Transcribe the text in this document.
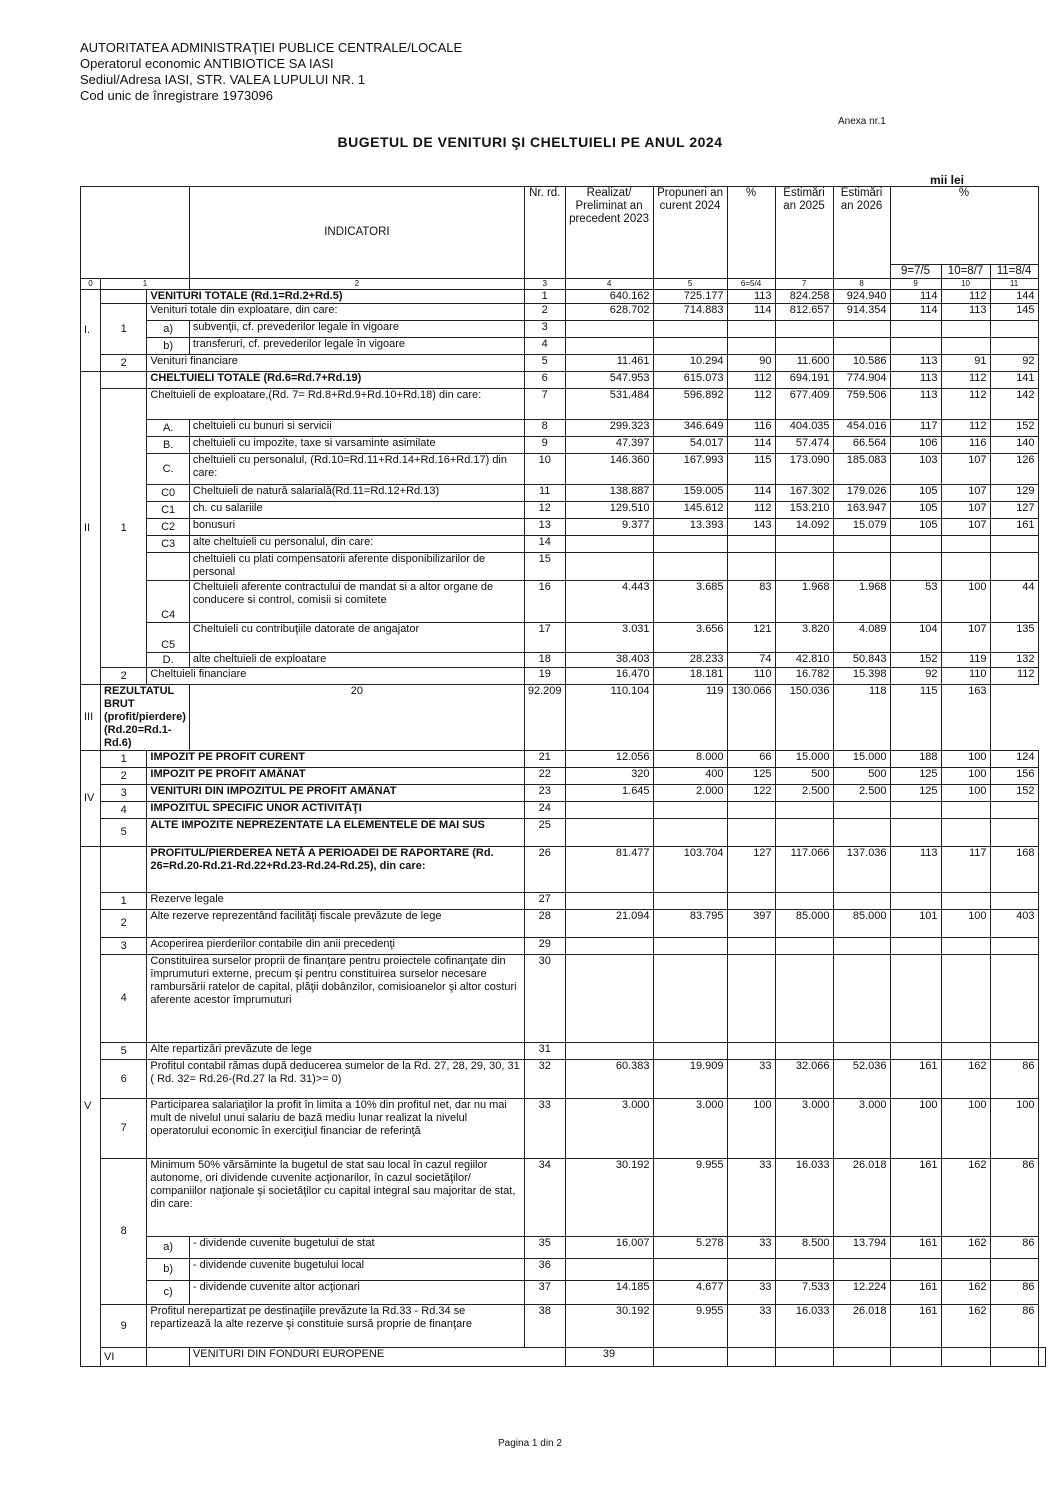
AUTORITATEA ADMINISTRAŢIEI PUBLICE CENTRALE/LOCALE
Operatorul economic ANTIBIOTICE SA IASI
Sediul/Adresa IASI, STR. VALEA LUPULUI NR. 1
Cod unic de înregistrare 1973096
Anexa nr.1
BUGETUL DE VENITURI ŞI CHELTUIELI PE ANUL 2024
mii lei
			INDICATORI	Nr. rd.	Realizat/ Preliminat an precedent 2023	Propuneri an curent 2024	%	Estimări an 2025	Estimări an 2026	%			
										9=7/5	10=8/7	11=8/4	
0	1		2	3	4	5	6=5/4	7	8	9	10	11	
I.		VENITURI TOTALE (Rd.1=Rd.2+Rd.5)		1	640.162	725.177	113	824.258	924.940	114	112	144	
	1	Venituri totale din exploatare, din care:		2	628.702	714.883	114	812.657	914.354	114	113	145	
		a)	subvenţii, cf. prevederilor legale în vigoare	3									
		b)	transferuri, cf. prevederilor legale în vigoare	4									
	2	Venituri financiare		5	11.461	10.294	90	11.600	10.586	113	91	92	
II		CHELTUIELI TOTALE (Rd.6=Rd.7+Rd.19)		6	547.953	615.073	112	694.191	774.904	113	112	141	
	1	Cheltuieli de exploatare,(Rd. 7= Rd.8+Rd.9+Rd.10+Rd.18) din care:		7	531.484	596.892	112	677.409	759.506	113	112	142	
		A.	cheltuieli cu bunuri si servicii	8	299.323	346.649	116	404.035	454.016	117	112	152	
		B.	cheltuieli cu impozite, taxe si varsaminte asimilate	9	47.397	54.017	114	57.474	66.564	106	116	140	
		C.	cheltuieli cu personalul, (Rd.10=Rd.11+Rd.14+Rd.16+Rd.17) din care:	10	146.360	167.993	115	173.090	185.083	103	107	126	
		C0	Cheltuieli de natură salarială(Rd.11=Rd.12+Rd.13)	11	138.887	159.005	114	167.302	179.026	105	107	129	
		C1	ch. cu salariile	12	129.510	145.612	112	153.210	163.947	105	107	127	
		C2	bonusuri	13	9.377	13.393	143	14.092	15.079	105	107	161	
		C3	alte cheltuieli cu personalul, din care:	14									
			cheltuieli cu plati compensatorii aferente disponibilizarilor de personal	15									
		C4	Cheltuieli aferente contractului de mandat si a altor organe de conducere si control, comisii si comitete	16	4.443	3.685	83	1.968	1.968	53	100	44	
		C5	Cheltuieli cu contribuţiile datorate de angajator	17	3.031	3.656	121	3.820	4.089	104	107	135	
		D.	alte cheltuieli de exploatare	18	38.403	28.233	74	42.810	50.843	152	119	132	
	2	Cheltuieli financiare		19	16.470	18.181	110	16.782	15.398	92	110	112	
III	REZULTATUL BRUT (profit/pierdere) (Rd.20=Rd.1-Rd.6)		20	92.209	110.104	119	130.066	150.036	118	115	163		
IV	1	IMPOZIT PE PROFIT CURENT		21	12.056	8.000	66	15.000	15.000	188	100	124	
	2	IMPOZIT PE PROFIT AMÂNAT		22	320	400	125	500	500	125	100	156	
	3	VENITURI DIN IMPOZITUL PE PROFIT AMÂNAT		23	1.645	2.000	122	2.500	2.500	125	100	152	
	4	IMPOZITUL SPECIFIC UNOR ACTIVITĂŢI		24									
	5	ALTE IMPOZITE NEPREZENTATE LA ELEMENTELE DE MAI SUS		25									
V		PROFITUL/PIERDEREA NETĂ A PERIOADEI DE RAPORTARE (Rd. 26=Rd.20-Rd.21-Rd.22+Rd.23-Rd.24-Rd.25), din care:		26	81.477	103.704	127	117.066	137.036	113	117	168	
	1	Rezerve legale		27									
	2	Alte rezerve reprezentând facilităţi fiscale prevăzute de lege		28	21.094	83.795	397	85.000	85.000	101	100	403	
	3	Acoperirea pierderilor contabile din anii precedenţi		29									
	4	Constituirea surselor proprii de finanţare pentru proiectele cofinanţate din împrumuturi externe, precum şi pentru constituirea surselor necesare rambursării ratelor de capital, plăţii dobânzilor, comisioanelor şi altor costuri aferente acestor împrumuturi		30									
	5	Alte repartizări prevăzute de lege		31									
	6	Profitul contabil rămas după deducerea sumelor de la Rd. 27, 28, 29, 30, 31 ( Rd. 32= Rd.26-(Rd.27 la Rd. 31)>= 0)		32	60.383	19.909	33	32.066	52.036	161	162	86	
	7	Participarea salariaţilor la profit în limita a 10% din profitul net, dar nu mai mult de nivelul unui salariu de bază mediu lunar realizat la nivelul operatorului economic în exerciţiul financiar de referinţă		33	3.000	3.000	100	3.000	3.000	100	100	100	
	8	Minimum 50% vărsăminte la bugetul de stat sau local în cazul regiilor autonome, ori dividende cuvenite acţionarilor, în cazul societăţilor/ companiilor naţionale şi societăţilor cu capital integral sau majoritar de stat, din care:		34	30.192	9.955	33	16.033	26.018	161	162	86	
		a)	- dividende cuvenite bugetului de stat	35	16.007	5.278	33	8.500	13.794	161	162	86	
		b)	- dividende cuvenite bugetului local	36									
		c)	- dividende cuvenite altor acţionari	37	14.185	4.677	33	7.533	12.224	161	162	86	
	9	Profitul nerepartizat pe destinaţiile prevăzute la Rd.33 - Rd.34 se repartizează la alte rezerve şi constituie sursă proprie de finanţare		38	30.192	9.955	33	16.033	26.018	161	162	86	
	VI		VENITURI DIN FONDURI EUROPENE		39								
Pagina 1 din 2
